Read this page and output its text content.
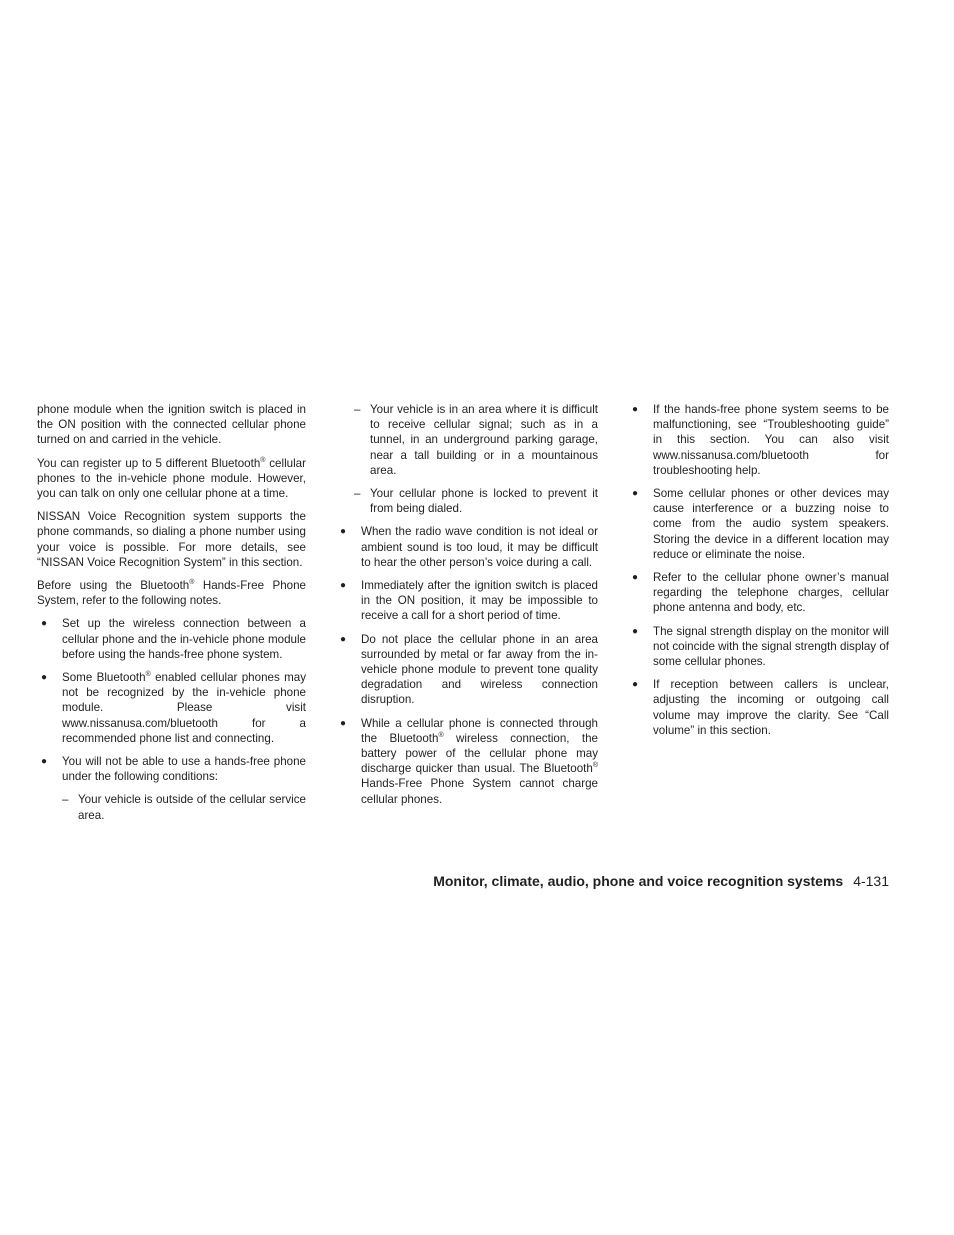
phone module when the ignition switch is placed in the ON position with the connected cellular phone turned on and carried in the vehicle.

You can register up to 5 different Bluetooth® cellular phones to the in-vehicle phone module. However, you can talk on only one cellular phone at a time.

NISSAN Voice Recognition system supports the phone commands, so dialing a phone number using your voice is possible. For more details, see “NISSAN Voice Recognition System” in this section.

Before using the Bluetooth® Hands-Free Phone System, refer to the following notes.

● Set up the wireless connection between a cellular phone and the in-vehicle phone module before using the hands-free phone system.
● Some Bluetooth® enabled cellular phones may not be recognized by the in-vehicle phone module. Please visit www.nissanusa.com/bluetooth for a recommended phone list and connecting.
● You will not be able to use a hands-free phone under the following conditions:
– Your vehicle is outside of the cellular service area.
– Your vehicle is in an area where it is difficult to receive cellular signal; such as in a tunnel, in an underground parking garage, near a tall building or in a mountainous area.
– Your cellular phone is locked to prevent it from being dialed.
● When the radio wave condition is not ideal or ambient sound is too loud, it may be difficult to hear the other person’s voice during a call.
● Immediately after the ignition switch is placed in the ON position, it may be impossible to receive a call for a short period of time.
● Do not place the cellular phone in an area surrounded by metal or far away from the in-vehicle phone module to prevent tone quality degradation and wireless connection disruption.
● While a cellular phone is connected through the Bluetooth® wireless connection, the battery power of the cellular phone may discharge quicker than usual. The Bluetooth® Hands-Free Phone System cannot charge cellular phones.
● If the hands-free phone system seems to be malfunctioning, see “Troubleshooting guide” in this section. You can also visit www.nissanusa.com/bluetooth for troubleshooting help.
● Some cellular phones or other devices may cause interference or a buzzing noise to come from the audio system speakers. Storing the device in a different location may reduce or eliminate the noise.
● Refer to the cellular phone owner’s manual regarding the telephone charges, cellular phone antenna and body, etc.
● The signal strength display on the monitor will not coincide with the signal strength display of some cellular phones.
● If reception between callers is unclear, adjusting the incoming or outgoing call volume may improve the clarity. See “Call volume” in this section.
Monitor, climate, audio, phone and voice recognition systems 4-131
